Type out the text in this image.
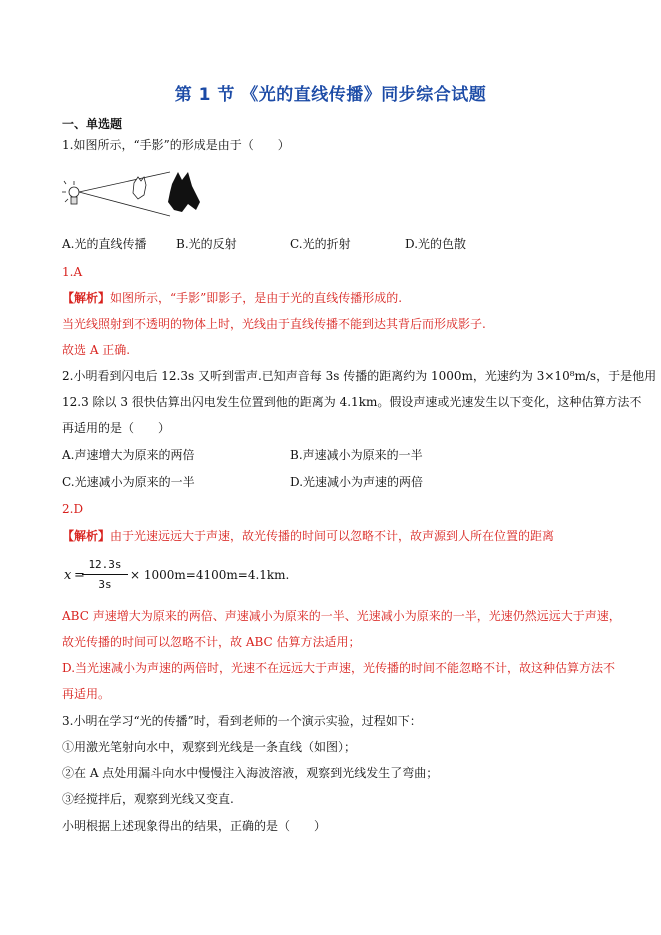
第 1 节 《光的直线传播》同步综合试题
一、单选题
1.如图所示，“手影”的形成是由于（　　）
A.光的直线传播 B.光的反射	C.光的折射	D.光的色散
1.A
【解析】如图所示，“手影”即影子，是由于光的直线传播形成的.
当光线照射到不透明的物体上时，光线由于直线传播不能到达其背后而形成影子.
故选 A 正确.
2.小明看到闪电后 12.3s 又听到雷声.已知声音每 3s 传播的距离约为 1000m，光速约为 3×10⁸m/s，于是他用
12.3 除以 3 很快估算出闪电发生位置到他的距离为 4.1km。假设声速或光速发生以下变化，这种估算方法不
再适用的是（　　）
A.声速增大为原来的两倍	B.声速减小为原来的一半
C.光速减小为原来的一半	D.光速减小为声速的两倍
2.D
【解析】由于光速远远大于声速，故光传播的时间可以忽略不计，故声源到人所在位置的距离
x =
12.3s
3s
× 1000m=4100m=4.1km.
ABC 声速增大为原来的两倍、声速减小为原来的一半、光速减小为原来的一半，光速仍然远远大于声速，
故光传播的时间可以忽略不计，故 ABC 估算方法适用；
D.当光速减小为声速的两倍时，光速不在远远大于声速，光传播的时间不能忽略不计，故这种估算方法不
再适用。
3.小明在学习“光的传播”时，看到老师的一个演示实验，过程如下：
①用激光笔射向水中，观察到光线是一条直线（如图）；
②在 A 点处用漏斗向水中慢慢注入海波溶液，观察到光线发生了弯曲；
③经搅拌后，观察到光线又变直.
小明根据上述现象得出的结果，正确的是（　　）
